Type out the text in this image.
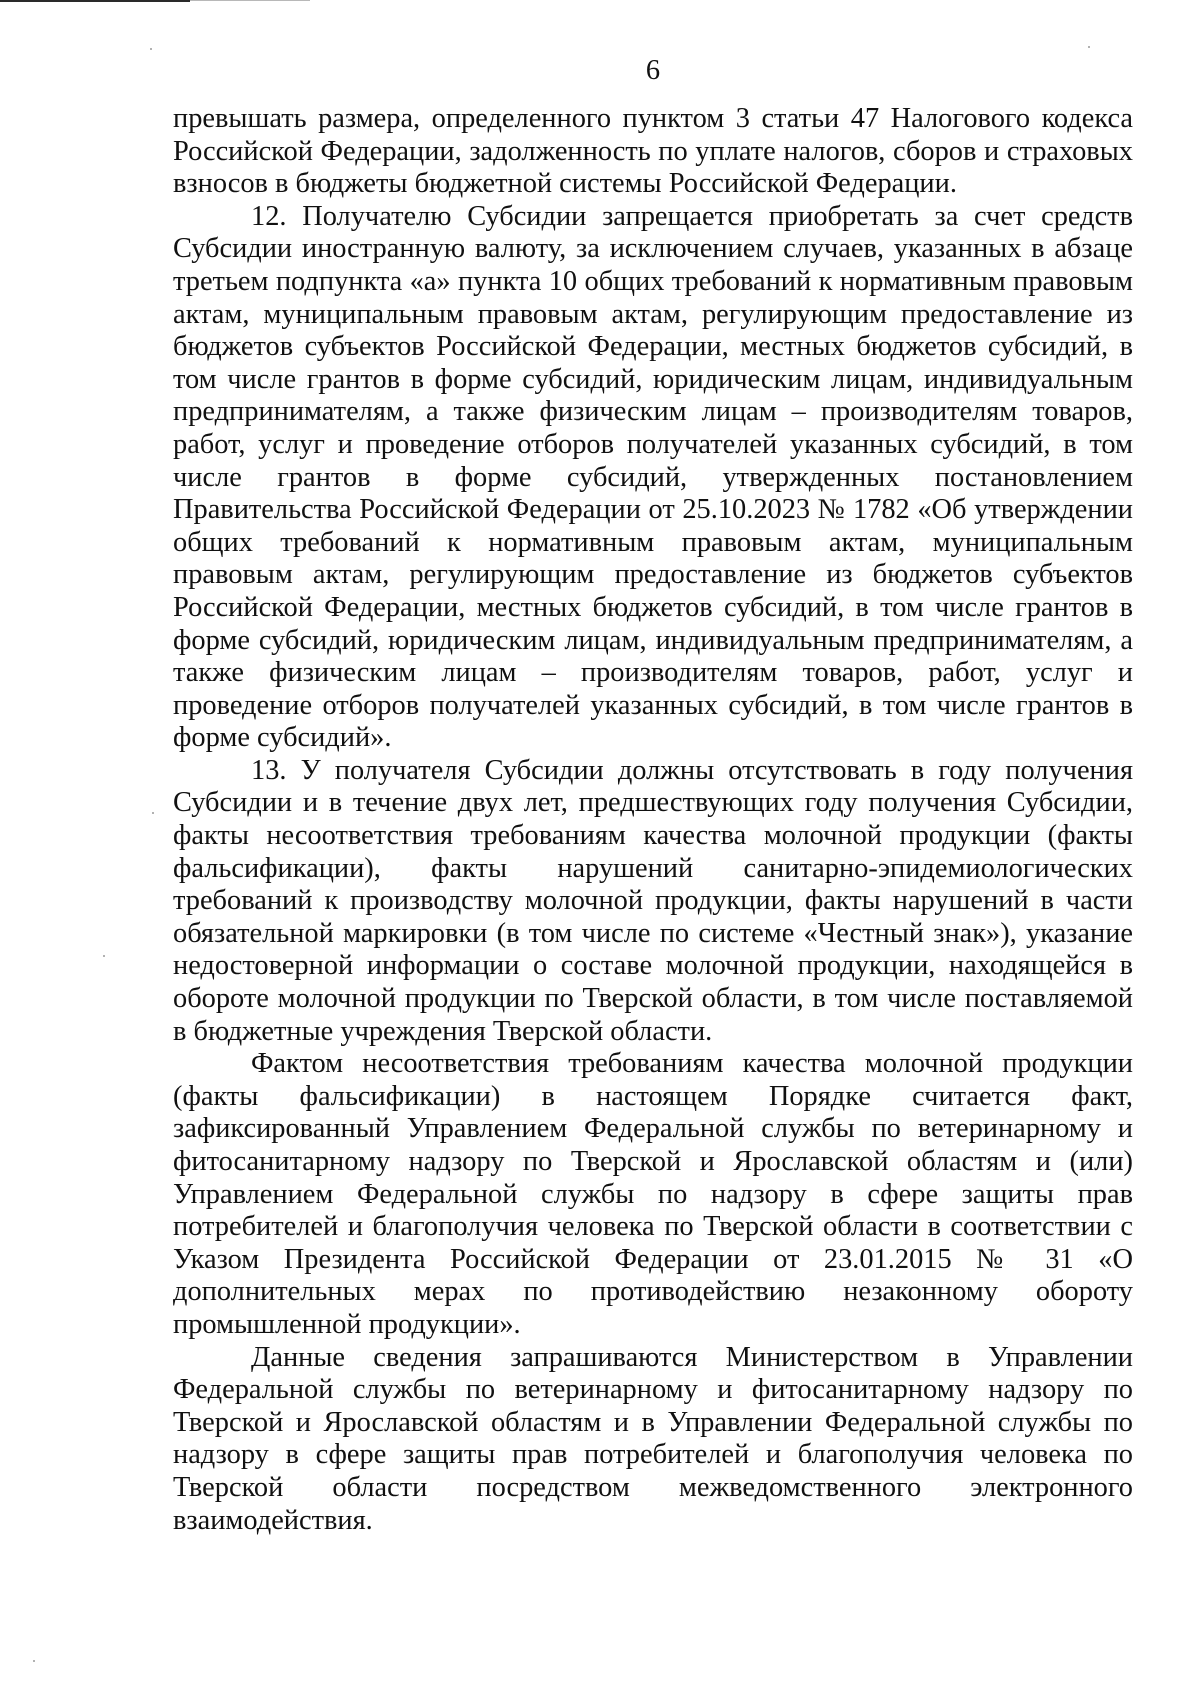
6

превышать размера, определенного пунктом 3 статьи 47 Налогового кодекса Российской Федерации, задолженность по уплате налогов, сборов и страховых взносов в бюджеты бюджетной системы Российской Федерации.

12. Получателю Субсидии запрещается приобретать за счет средств Субсидии иностранную валюту, за исключением случаев, указанных в абзаце третьем подпункта «а» пункта 10 общих требований к нормативным правовым актам, муниципальным правовым актам, регулирующим предоставление из бюджетов субъектов Российской Федерации, местных бюджетов субсидий, в том числе грантов в форме субсидий, юридическим лицам, индивидуальным предпринимателям, а также физическим лицам – производителям товаров, работ, услуг и проведение отборов получателей указанных субсидий, в том числе грантов в форме субсидий, утвержденных постановлением Правительства Российской Федерации от 25.10.2023 № 1782 «Об утверждении общих требований к нормативным правовым актам, муниципальным правовым актам, регулирующим предоставление из бюджетов субъектов Российской Федерации, местных бюджетов субсидий, в том числе грантов в форме субсидий, юридическим лицам, индивидуальным предпринимателям, а также физическим лицам – производителям товаров, работ, услуг и проведение отборов получателей указанных субсидий, в том числе грантов в форме субсидий».

13. У получателя Субсидии должны отсутствовать в году получения Субсидии и в течение двух лет, предшествующих году получения Субсидии, факты несоответствия требованиям качества молочной продукции (факты фальсификации), факты нарушений санитарно-эпидемиологических требований к производству молочной продукции, факты нарушений в части обязательной маркировки (в том числе по системе «Честный знак»), указание недостоверной информации о составе молочной продукции, находящейся в обороте молочной продукции по Тверской области, в том числе поставляемой в бюджетные учреждения Тверской области.

Фактом несоответствия требованиям качества молочной продукции (факты фальсификации) в настоящем Порядке считается факт, зафиксированный Управлением Федеральной службы по ветеринарному и фитосанитарному надзору по Тверской и Ярославской областям и (или) Управлением Федеральной службы по надзору в сфере защиты прав потребителей и благополучия человека по Тверской области в соответствии с Указом Президента Российской Федерации от 23.01.2015 № 31 «О дополнительных мерах по противодействию незаконному обороту промышленной продукции».

Данные сведения запрашиваются Министерством в Управлении Федеральной службы по ветеринарному и фитосанитарному надзору по Тверской и Ярославской областям и в Управлении Федеральной службы по надзору в сфере защиты прав потребителей и благополучия человека по Тверской области посредством межведомственного электронного взаимодействия.
